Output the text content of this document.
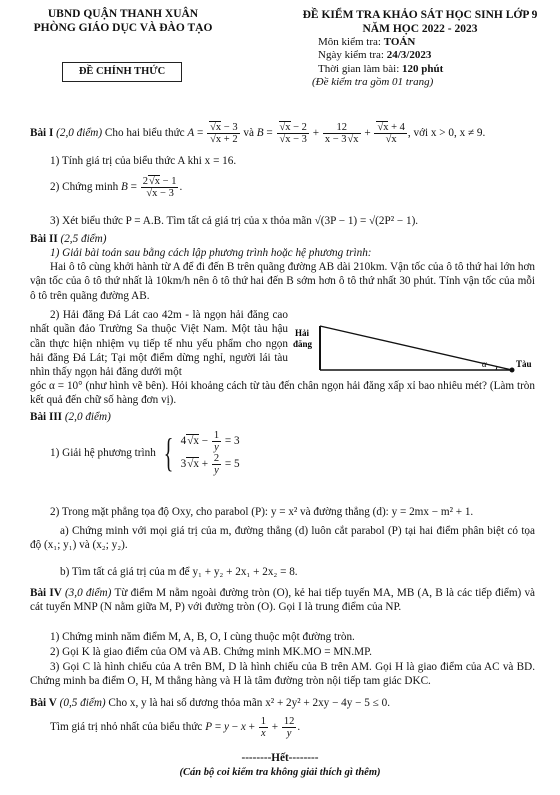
UBND QUẬN THANH XUÂN
PHÒNG GIÁO DỤC VÀ ĐÀO TẠO
ĐỀ CHÍNH THỨC
ĐỀ KIỂM TRA KHẢO SÁT HỌC SINH LỚP 9
NĂM HỌC 2022 - 2023
Môn kiểm tra: TOÁN
Ngày kiểm tra: 24/3/2023
Thời gian làm bài: 120 phút
(Đề kiểm tra gồm 01 trang)
Bài I (2,0 điểm) Cho hai biểu thức $A = \frac{√x - 3}{√x + 2}$ và $B = \frac{√x - 2}{√x - 3} + \frac{12}{x - 3√x} + \frac{√x + 4}{√x}$ , với x > 0, x ≠ 9.
1) Tính giá trị của biểu thức A khi x = 16.
2) Chứng minh $B = \frac{2√x - 1}{√x - 3}$ .
3) Xét biểu thức P = A.B. Tìm tất cả giá trị của x thỏa mãn √(3P − 1) = √(2P² − 1).
Bài II (2,5 điểm)
1) Giải bài toán sau bằng cách lập phương trình hoặc hệ phương trình:
Hai ô tô cùng khởi hành từ A để đi đến B trên quãng đường AB dài 210km. Vận tốc của ô tô thứ hai lớn hơn vận tốc của ô tô thứ nhất là 10km/h nên ô tô thứ hai đến B sớm hơn ô tô thứ nhất 30 phút. Tính vận tốc của mỗi ô tô trên quãng đường AB.
2) Hải đăng Đá Lát cao 42m - là ngọn hải đăng cao nhất quần đảo Trường Sa thuộc Việt Nam. Một tàu hậu cần thực hiện nhiệm vụ tiếp tế nhu yếu phẩm cho ngọn hải đăng Đá Lát; Tại một điểm dừng nghỉ, người lái tàu nhìn thấy ngọn hải đăng dưới một
Hải đăng
α	Tàu
góc α = 10° (như hình vẽ bên). Hỏi khoảng cách từ tàu đến chân ngọn hải đăng xấp xỉ bao nhiêu mét? (Làm tròn kết quả đến chữ số hàng đơn vị).
Bài III (2,0 điểm)
1) Giải hệ phương trình { $4√x - \frac{1}{y} = 3$
$3√x + \frac{2}{y} = 5$
2) Trong mặt phẳng tọa độ Oxy, cho parabol (P): y = x² và đường thẳng (d): y = 2mx − m² + 1.
a) Chứng minh với mọi giá trị của m, đường thẳng (d) luôn cắt parabol (P) tại hai điểm phân biệt có tọa độ (x₁; y₁) và (x₂; y₂).
b) Tìm tất cả giá trị của m để y₁ + y₂ + 2x₁ + 2x₂ = 8.
Bài IV (3,0 điểm) Từ điểm M nằm ngoài đường tròn (O), kẻ hai tiếp tuyến MA, MB (A, B là các tiếp điểm) và cát tuyến MNP (N nằm giữa M, P) với đường tròn (O). Gọi I là trung điểm của NP.
1) Chứng minh năm điểm M, A, B, O, I cùng thuộc một đường tròn.
2) Gọi K là giao điểm của OM và AB. Chứng minh MK.MO = MN.MP.
3) Gọi C là hình chiếu của A trên BM, D là hình chiếu của B trên AM. Gọi H là giao điểm của AC và BD. Chứng minh ba điểm O, H, M thẳng hàng và H là tâm đường tròn nội tiếp tam giác DKC.
Bài V (0,5 điểm) Cho x, y là hai số dương thỏa mãn x² + 2y² + 2xy − 4y − 5 ≤ 0.
Tìm giá trị nhỏ nhất của biểu thức $P = y - x + \frac{1}{x} + \frac{12}{y}$ .
--------Hết--------
(Cán bộ coi kiểm tra không giải thích gì thêm)
